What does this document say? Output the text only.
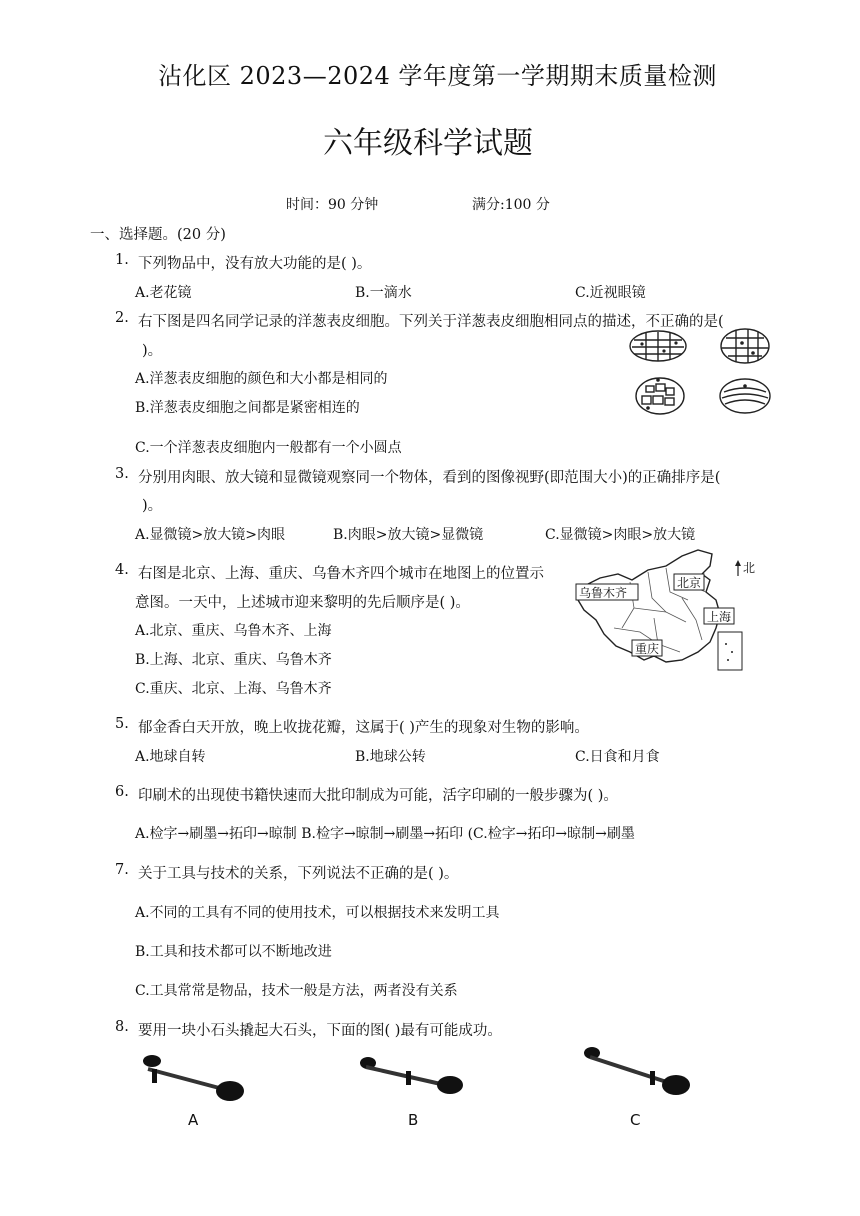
沾化区 2023—2024 学年度第一学期期末质量检测
六年级科学试题
时间：90 分钟	满分:100 分
一、选择题。(20 分)
1. 下列物品中，没有放大功能的是( )。
A.老花镜	B.一滴水	C.近视眼镜
2. 右下图是四名同学记录的洋葱表皮细胞。下列关于洋葱表皮细胞相同点的描述，不正确的是(
)。
A.洋葱表皮细胞的颜色和大小都是相同的
B.洋葱表皮细胞之间都是紧密相连的
C.一个洋葱表皮细胞内一般都有一个小圆点
3. 分别用肉眼、放大镜和显微镜观察同一个物体，看到的图像视野(即范围大小)的正确排序是(
)。
A.显微镜>放大镜>肉眼	B.肉眼>放大镜>显微镜	C.显微镜>肉眼>放大镜
4. 右图是北京、上海、重庆、乌鲁木齐四个城市在地图上的位置示
意图。一天中，上述城市迎来黎明的先后顺序是( )。
A.北京、重庆、乌鲁木齐、上海
B.上海、北京、重庆、乌鲁木齐
C.重庆、北京、上海、乌鲁木齐
乌鲁木齐
北京
上海
重庆
北
5. 郁金香白天开放，晚上收拢花瓣，这属于( )产生的现象对生物的影响。
A.地球自转	B.地球公转	C.日食和月食
6. 印刷术的出现使书籍快速而大批印制成为可能，活字印刷的一般步骤为( )。
A.检字→刷墨→拓印→晾制 B.检字→晾制→刷墨→拓印 (C.检字→拓印→晾制→刷墨
7. 关于工具与技术的关系，下列说法不正确的是( )。
A.不同的工具有不同的使用技术，可以根据技术来发明工具
B.工具和技术都可以不断地改进
C.工具常常是物品，技术一般是方法，两者没有关系
8. 要用一块小石头撬起大石头，下面的图( )最有可能成功。
A	B	C
